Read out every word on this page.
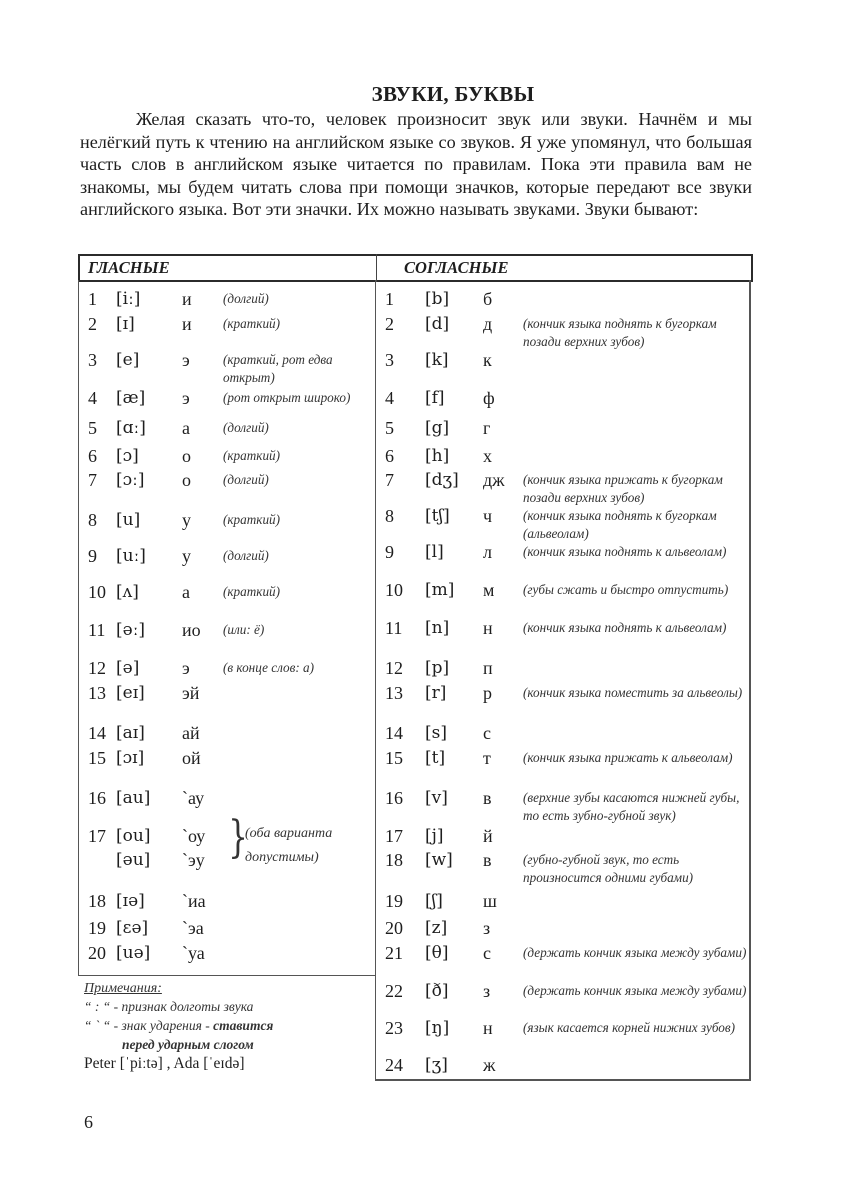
ЗВУКИ, БУКВЫ
Желая сказать что-то, человек произносит звук или звуки. Начнём и мы нелёгкий путь к чтению на английском языке со звуков. Я уже упомянул, что большая часть слов в английском языке читается по правилам. Пока эти правила вам не знакомы, мы будем читать слова при помощи значков, которые передают все звуки английского языка. Вот эти значки. Их можно называть звуками. Звуки бывают:
ГЛАСНЫЕ	СОГЛАСНЫЕ
1 [iː] и (долгий)
2 [ɪ]	и (краткий)
3 [e] э	(краткий, рот едва открыт)
4 [æ] э	(рот открыт широко)
5 [ɑː] а	(долгий)
6 [ɔ] о (краткий)
7 [ɔː] о (долгий)
8 [u] у (краткий)
9 [uː] у (долгий)
10 [ʌ] а	(краткий)
11 [əː] ио (или: ё)
12 [ə] э	(в конце слов: а)
13 [eɪ] эй
14 [aɪ] ай
15 [ɔɪ] ой
16 [au] `ау
17 [ou] `оу
[əu] `эу
18 [ɪə] `иа
19 [ɛə] `эа
20 [uə] `уа
1 [b] б
2 [d] д (кончик языка поднять к бугоркам позади верхних зубов)
3 [k] к
4 [f] ф
5 [g] г
6 [h] х
7 [dʒ] дж (кончик языка прижать к бугоркам позади верхних зубов)
8 [tʃ] ч (кончик языка поднять к бугоркам (альвеолам)
9 [l] л (кончик языка поднять к альвеолам)
10 [m] м (губы сжать и быстро отпустить)
11 [n] н (кончик языка поднять к альвеолам)
12 [p] п
13 [r] р (кончик языка поместить за альвеолы)
14 [s] с
15 [t] т (кончик языка прижать к альвеолам)
16 [v] в (верхние зубы касаются нижней губы, то есть зубно-губной звук)
17 [j] й
18 [w] в (губно-губной звук, то есть произносится одними губами)
19 [ʃ] ш
20 [z] з
21 [θ] с (держать кончик языка между зубами)
22 [ð] з (держать кончик языка между зубами)
23 [ŋ] н (язык касается корней нижних зубов)
24 [ʒ] ж
}
(оба варианта допустимы)
Примечания:
“ : “ - признак долготы звука
“ ` “ - знак ударения - ставится
перед ударным слогом
Peter [ˈpiːtə] , Ada [ˈeɪdə]
6
